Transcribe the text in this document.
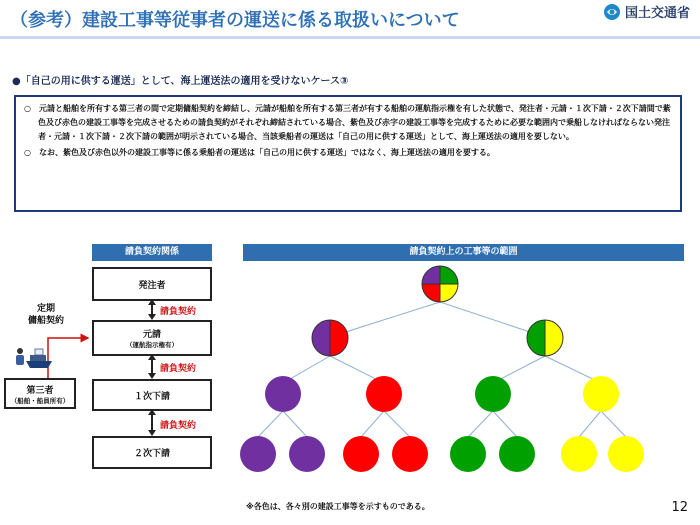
（参考）建設工事等従事者の運送に係る取扱いについて	国土交通省
●「自己の用に供する運送」として、海上運送法の適用を受けないケース③

○　元請と船舶を所有する第三者の間で定期傭船契約を締結し、元請が船舶を所有する第三者が有する船舶の運航指示権を有した状態で、発注者・元請・１次下請・２次下請間で紫色及び赤色の建設工事等を完成させるための請負契約がそれぞれ締結されている場合、紫色及び赤字の建設工事等を完成するために必要な範囲内で乗船しなければならない発注者・元請・１次下請・２次下請の範囲が明示されている場合、当該乗船者の運送は「自己の用に供する運送」として、海上運送法の適用を要しない。

○　なお、紫色及び赤色以外の建設工事等に係る乗船者の運送は「自己の用に供する運送」ではなく、海上運送法の適用を要する。

請負契約関係
発注者
元請
（運航指示権有）
１次下請
２次下請
第三者
（船舶・船員所有）
請負契約
請負契約
請負契約
定期
傭船契約
請負契約上の工事等の範囲
※各色は、各々別の建設工事等を示すものである。	12
